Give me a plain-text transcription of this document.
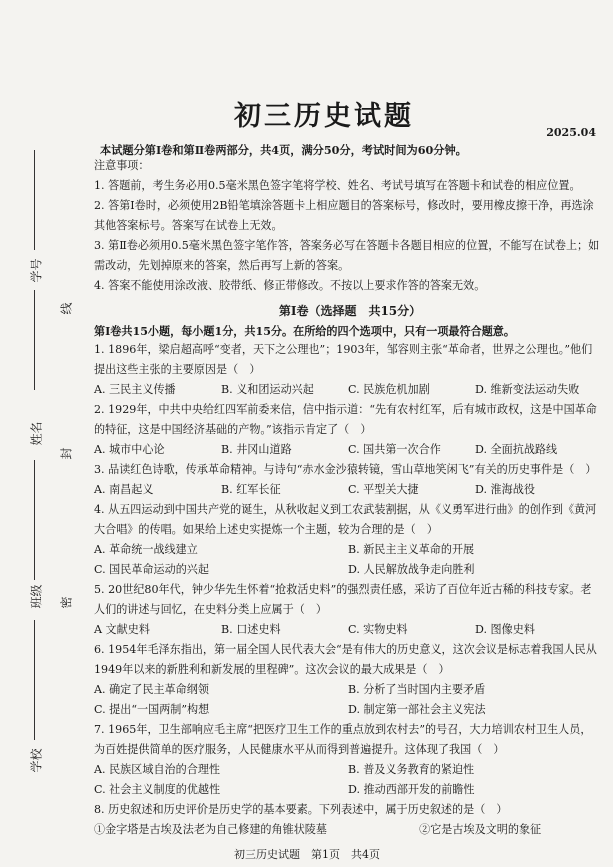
学号
姓名
班级
学校
线
封
密
初三历史试题
2025.04
本试题分第Ⅰ卷和第Ⅱ卷两部分，共4页，满分50分，考试时间为60分钟。

注意事项：

1. 答题前，考生务必用0.5毫米黑色签字笔将学校、姓名、考试号填写在答题卡和试卷的相应位置。

2. 答第Ⅰ卷时，必须使用2B铅笔填涂答题卡上相应题目的答案标号，修改时，要用橡皮擦干净，再选涂其他答案标号。答案写在试卷上无效。

3. 第Ⅱ卷必须用0.5毫米黑色签字笔作答，答案务必写在答题卡各题目相应的位置，不能写在试卷上；如需改动，先划掉原来的答案，然后再写上新的答案。

4. 答案不能使用涂改液、胶带纸、修正带修改。不按以上要求作答的答案无效。

第Ⅰ卷（选择题　共15分）
第Ⅰ卷共15小题，每小题1分，共15分。在所给的四个选项中，只有一项最符合题意。

1. 1896年，梁启超高呼“变者，天下之公理也”；1903年，邹容则主张“革命者，世界之公理也。”他们提出这些主张的主要原因是（　）

A. 三民主义传播	B. 义和团运动兴起	C. 民族危机加剧	D. 维新变法运动失败

2. 1929年，中共中央给红四军前委来信，信中指示道：“先有农村红军，后有城市政权，这是中国革命的特征，这是中国经济基础的产物。”该指示肯定了（　）

A. 城市中心论	B. 井冈山道路	C. 国共第一次合作	D. 全面抗战路线

3. 品读红色诗歌，传承革命精神。与诗句“赤水金沙猿转镜，雪山草地笑闲飞”有关的历史事件是（　）

A. 南昌起义	B. 红军长征	C. 平型关大捷	D. 淮海战役

4. 从五四运动到中国共产党的诞生，从秋收起义到工农武装割据，从《义勇军进行曲》的创作到《黄河大合唱》的传唱。如果给上述史实提炼一个主题，较为合理的是（　）

A. 革命统一战线建立	B. 新民主主义革命的开展
C. 国民革命运动的兴起	D. 人民解放战争走向胜利

5. 20世纪80年代，钟少华先生怀着“抢救活史料”的强烈责任感，采访了百位年近古稀的科技专家。老人们的讲述与回忆，在史料分类上应属于（　）

A 文献史料	B. 口述史料	C. 实物史料	D. 图像史料

6. 1954年毛泽东指出，第一届全国人民代表大会“是有伟大的历史意义，这次会议是标志着我国人民从1949年以来的新胜利和新发展的里程碑”。这次会议的最大成果是（　）

A. 确定了民主革命纲领	B. 分析了当时国内主要矛盾
C. 提出“一国两制”构想	D. 制定第一部社会主义宪法

7. 1965年，卫生部响应毛主席“把医疗卫生工作的重点放到农村去”的号召，大力培训农村卫生人员，为百姓提供简单的医疗服务，人民健康水平从而得到普遍提升。这体现了我国（　）

A. 民族区域自治的合理性	B. 普及义务教育的紧迫性
C. 社会主义制度的优越性	D. 推动西部开发的前瞻性

8. 历史叙述和历史评价是历史学的基本要素。下列表述中，属于历史叙述的是（　）

①金字塔是古埃及法老为自己修建的角锥状陵墓	②它是古埃及文明的象征
初三历史试题　第1页　共4页
